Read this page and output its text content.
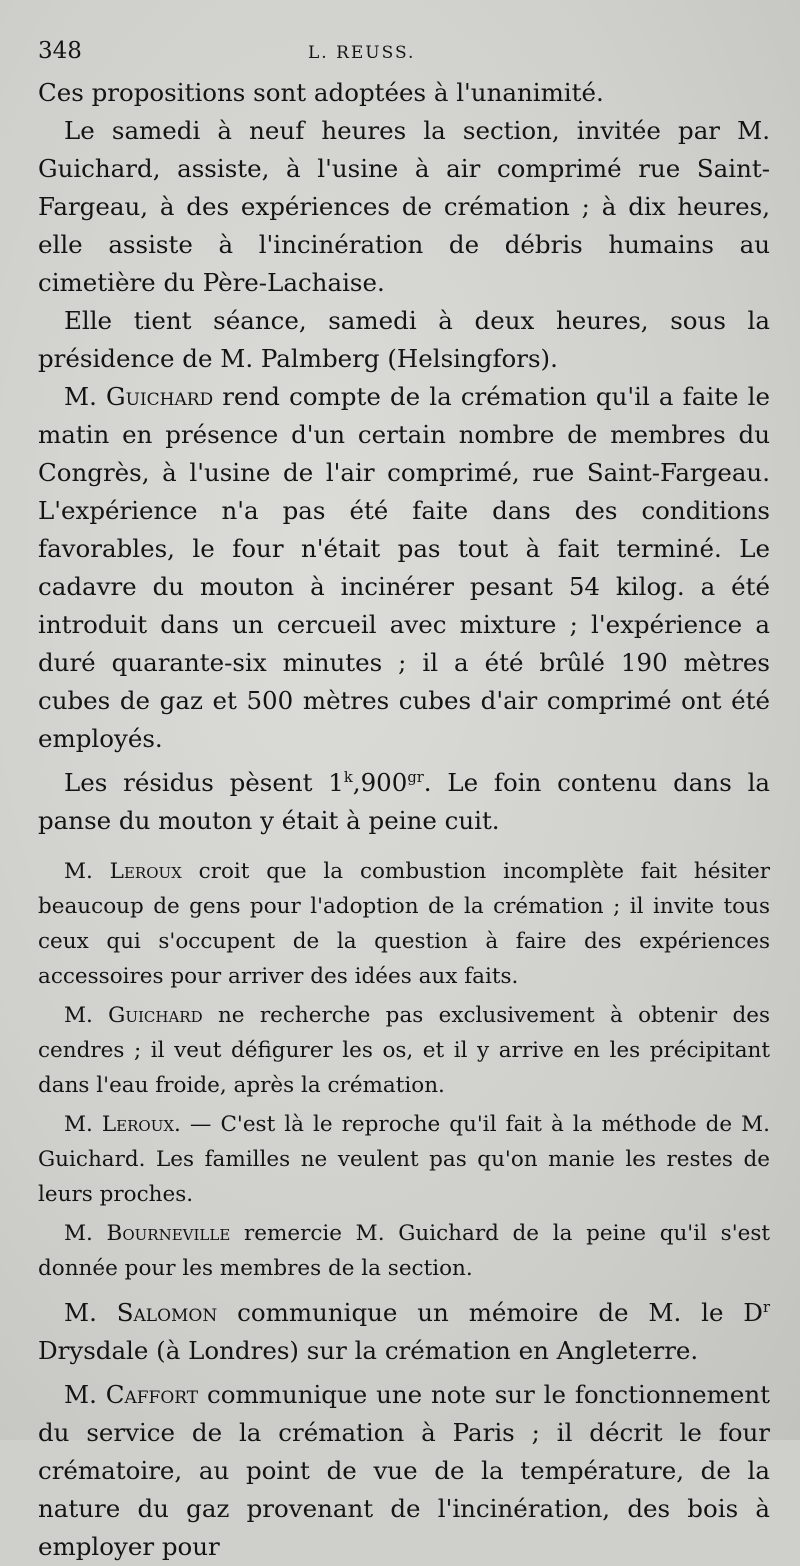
348	L. REUSS.

Ces propositions sont adoptées à l'unanimité.

Le samedi à neuf heures la section, invitée par M. Guichard, assiste, à l'usine à air comprimé rue Saint-Fargeau, à des expériences de crémation ; à dix heures, elle assiste à l'incinération de débris humains au cimetière du Père-Lachaise.

Elle tient séance, samedi à deux heures, sous la présidence de M. Palmberg (Helsingfors).

M. Guichard rend compte de la crémation qu'il a faite le matin en présence d'un certain nombre de membres du Congrès, à l'usine de l'air comprimé, rue Saint-Fargeau. L'expérience n'a pas été faite dans des conditions favorables, le four n'était pas tout à fait terminé. Le cadavre du mouton à incinérer pesant 54 kilog. a été introduit dans un cercueil avec mixture ; l'expérience a duré quarante-six minutes ; il a été brûlé 190 mètres cubes de gaz et 500 mètres cubes d'air comprimé ont été employés.

Les résidus pèsent $1^k,900^{gr}$. Le foin contenu dans la panse du mouton y était à peine cuit.

M. Leroux croit que la combustion incomplète fait hésiter beaucoup de gens pour l'adoption de la crémation ; il invite tous ceux qui s'occupent de la question à faire des expériences accessoires pour arriver des idées aux faits.

M. Guichard ne recherche pas exclusivement à obtenir des cendres ; il veut défigurer les os, et il y arrive en les précipitant dans l'eau froide, après la crémation.

M. Leroux. — C'est là le reproche qu'il fait à la méthode de M. Guichard. Les familles ne veulent pas qu'on manie les restes de leurs proches.

M. Bourneville remercie M. Guichard de la peine qu'il s'est donnée pour les membres de la section.

M. Salomon communique un mémoire de M. le $D^r$ Drysdale (à Londres) sur la crémation en Angleterre.

M. Caffort communique une note sur le fonctionnement du service de la crémation à Paris ; il décrit le four crématoire, au point de vue de la température, de la nature du gaz provenant de l'incinération, des bois à employer pour
